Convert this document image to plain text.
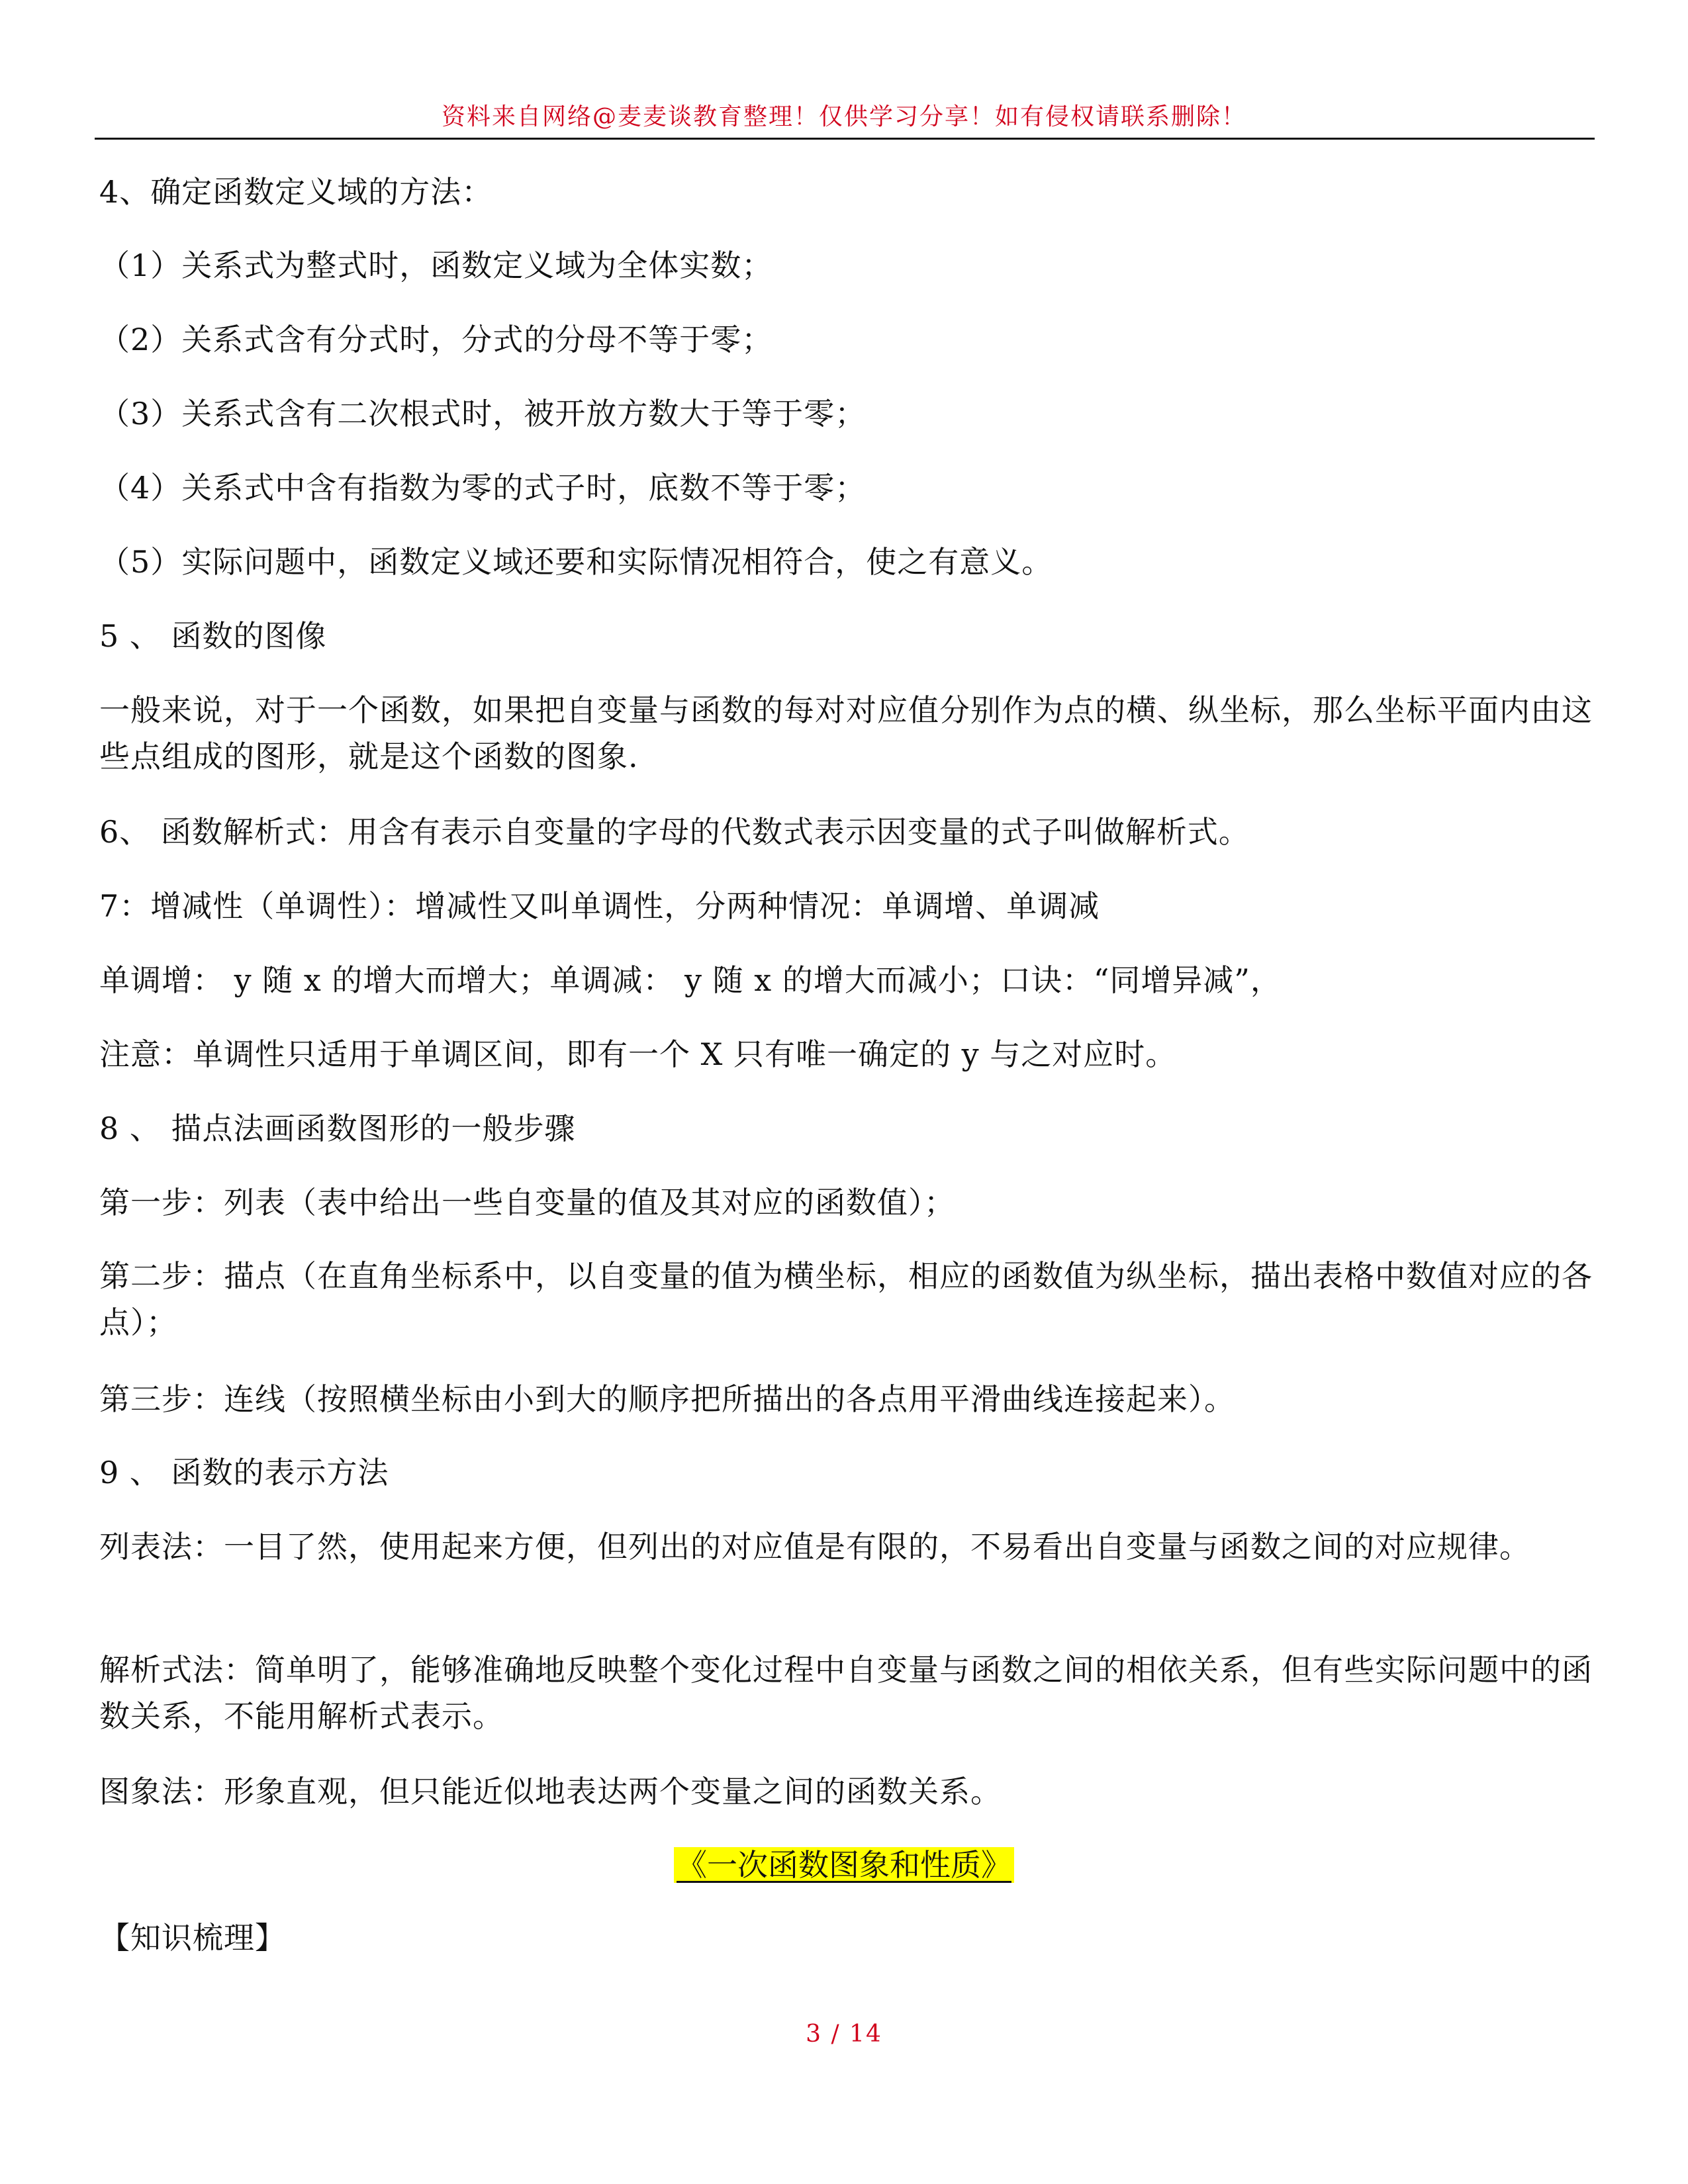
资料来自网络@麦麦谈教育整理！仅供学习分享！如有侵权请联系删除！
4、确定函数定义域的方法：
（1）关系式为整式时，函数定义域为全体实数；
（2）关系式含有分式时，分式的分母不等于零；
（3）关系式含有二次根式时，被开放方数大于等于零；
（4）关系式中含有指数为零的式子时，底数不等于零；
（5）实际问题中，函数定义域还要和实际情况相符合，使之有意义。
5 、 函数的图像
一般来说，对于一个函数，如果把自变量与函数的每对对应值分别作为点的横、纵坐标，那么坐标平面内由这些点组成的图形，就是这个函数的图象.
6、 函数解析式：用含有表示自变量的字母的代数式表示因变量的式子叫做解析式。
7：增减性（单调性）：增减性又叫单调性，分两种情况：单调增、单调减
单调增： y 随 x 的增大而增大；单调减： y 随 x 的增大而减小；口诀：“同增异减”，
注意：单调性只适用于单调区间，即有一个 X 只有唯一确定的 y 与之对应时。
8 、 描点法画函数图形的一般步骤
第一步：列表（表中给出一些自变量的值及其对应的函数值）；
第二步：描点（在直角坐标系中，以自变量的值为横坐标，相应的函数值为纵坐标，描出表格中数值对应的各点）；
第三步：连线（按照横坐标由小到大的顺序把所描出的各点用平滑曲线连接起来）。
9 、 函数的表示方法
列表法：一目了然，使用起来方便，但列出的对应值是有限的，不易看出自变量与函数之间的对应规律。
解析式法：简单明了，能够准确地反映整个变化过程中自变量与函数之间的相依关系，但有些实际问题中的函数关系，不能用解析式表示。
图象法：形象直观，但只能近似地表达两个变量之间的函数关系。
《一次函数图象和性质》
【知识梳理】
3 / 14
